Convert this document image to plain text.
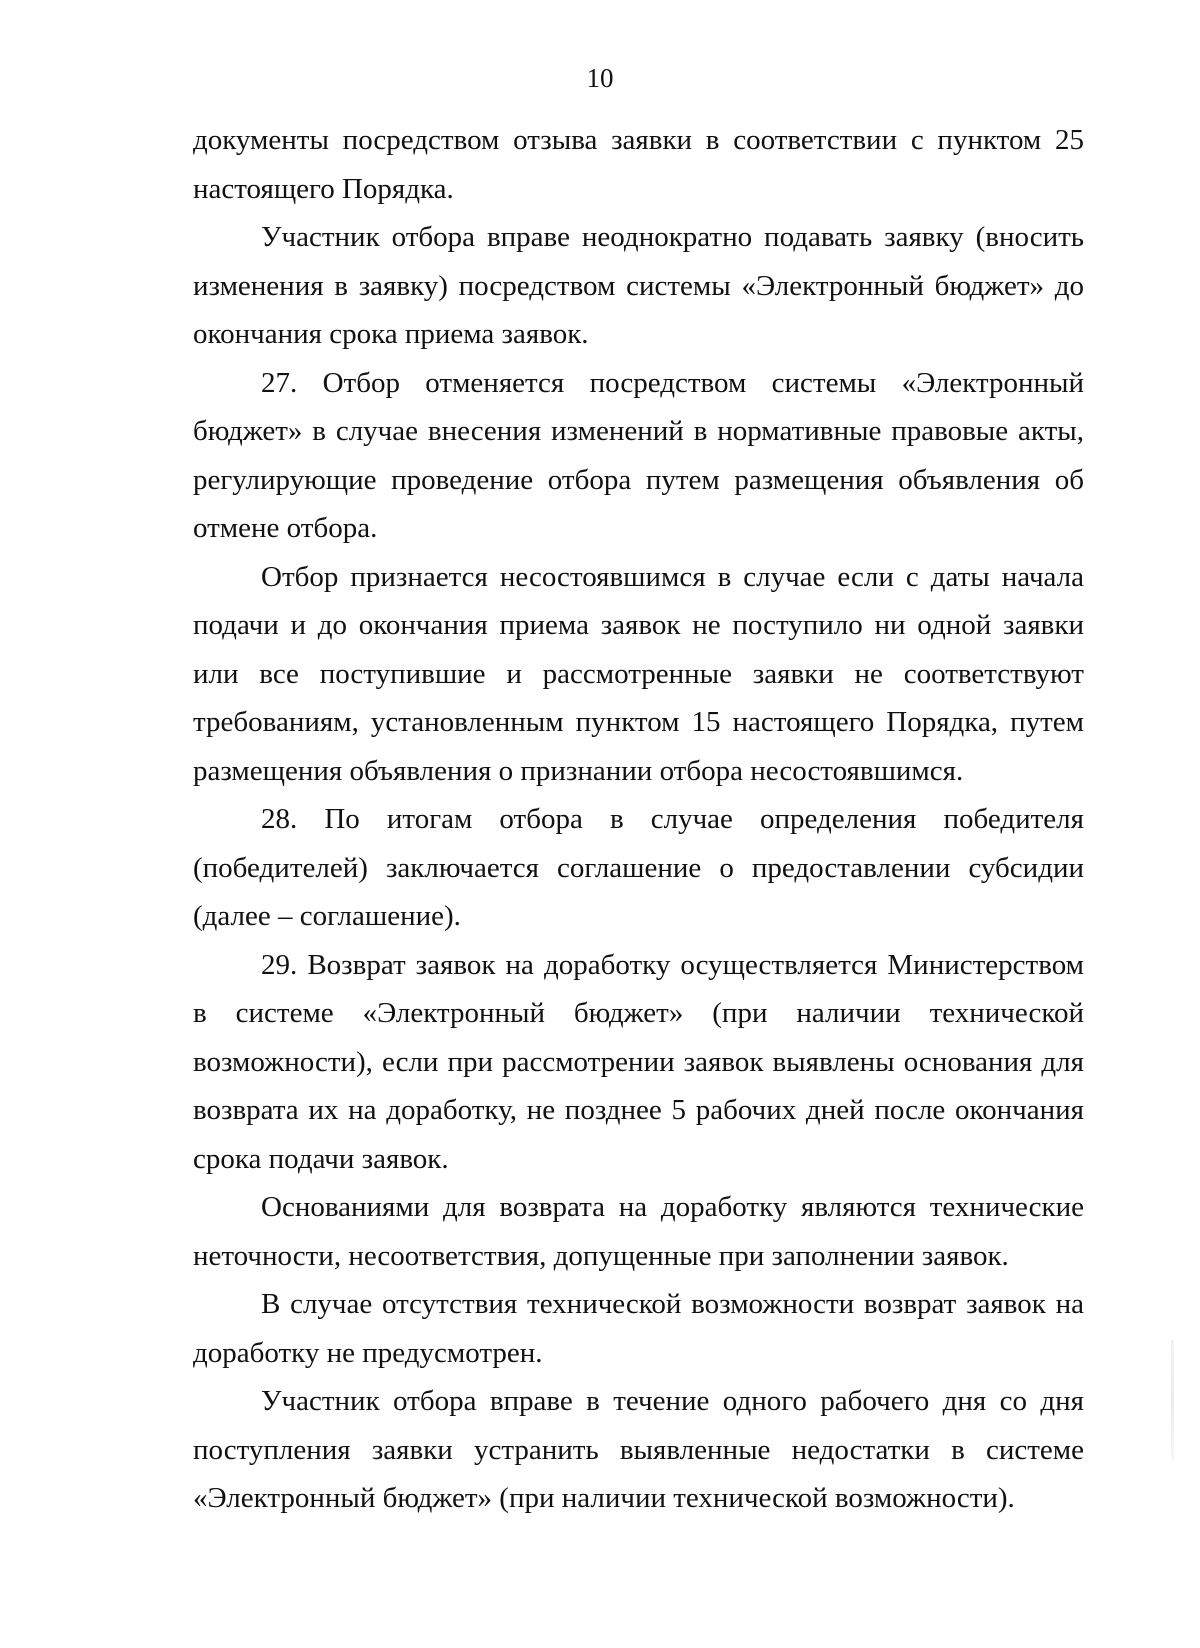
10

документы посредством отзыва заявки в соответствии с пунктом 25 настоящего Порядка.

Участник отбора вправе неоднократно подавать заявку (вносить изменения в заявку) посредством системы «Электронный бюджет» до окончания срока приема заявок.

27. Отбор отменяется посредством системы «Электронный бюджет» в случае внесения изменений в нормативные правовые акты, регулирующие проведение отбора путем размещения объявления об отмене отбора.

Отбор признается несостоявшимся в случае если с даты начала подачи и до окончания приема заявок не поступило ни одной заявки или все поступившие и рассмотренные заявки не соответствуют требованиям, установленным пунктом 15 настоящего Порядка, путем размещения объявления о признании отбора несостоявшимся.

28. По итогам отбора в случае определения победителя (победителей) заключается соглашение о предоставлении субсидии (далее – соглашение).

29. Возврат заявок на доработку осуществляется Министерством в системе «Электронный бюджет» (при наличии технической возможности), если при рассмотрении заявок выявлены основания для возврата их на доработку, не позднее 5 рабочих дней после окончания срока подачи заявок.

Основаниями для возврата на доработку являются технические неточности, несоответствия, допущенные при заполнении заявок.

В случае отсутствия технической возможности возврат заявок на доработку не предусмотрен.

Участник отбора вправе в течение одного рабочего дня со дня поступления заявки устранить выявленные недостатки в системе «Электронный бюджет» (при наличии технической возможности).
